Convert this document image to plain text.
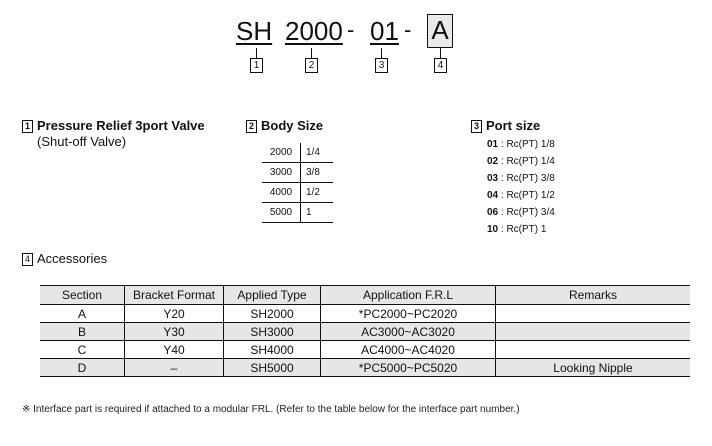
SH 2000 - 01 - A
1	2	3	4
1 Pressure Relief 3port Valve
(Shut-off Valve)
2 Body Size
2000	1/4
3000	3/8
4000	1/2
5000	1
3 Port size
01 : Rc(PT) 1/8
02 : Rc(PT) 1/4
03 : Rc(PT) 3/8
04 : Rc(PT) 1/2
06 : Rc(PT) 3/4
10 : Rc(PT) 1
4 Accessories
Section	Bracket Format	Applied Type	Application F.R.L	Remarks
A	Y20	SH2000	*PC2000~PC2020	
B	Y30	SH3000	AC3000~AC3020	
C	Y40	SH4000	AC4000~AC4020	
D	–	SH5000	*PC5000~PC5020	Looking Nipple
※ Interface part is required if attached to a modular FRL. (Refer to the table below for the interface part number.)
